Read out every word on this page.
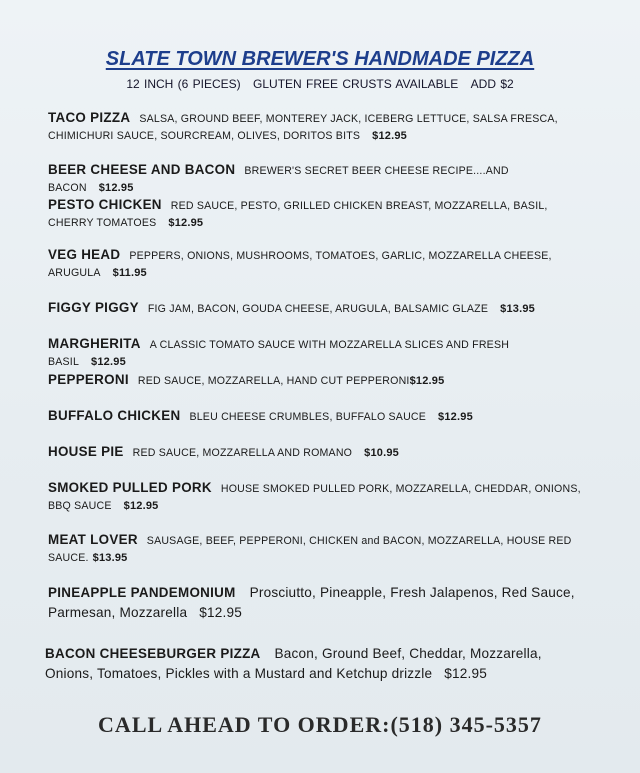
SLATE TOWN BREWER'S HANDMADE PIZZA
12 INCH (6 PIECES) GLUTEN FREE CRUSTS AVAILABLE ADD $2
TACO PIZZA SALSA, GROUND BEEF, MONTEREY JACK, ICEBERG LETTUCE, SALSA FRESCA, CHIMICHURI SAUCE, SOURCREAM, OLIVES, DORITOS BITS $12.95
BEER CHEESE AND BACON BREWER'S SECRET BEER CHEESE RECIPE....AND BACON $12.95
PESTO CHICKEN RED SAUCE, PESTO, GRILLED CHICKEN BREAST, MOZZARELLA, BASIL, CHERRY TOMATOES $12.95
VEG HEAD PEPPERS, ONIONS, MUSHROOMS, TOMATOES, GARLIC, MOZZARELLA CHEESE, ARUGULA $11.95
FIGGY PIGGY FIG JAM, BACON, GOUDA CHEESE, ARUGULA, BALSAMIC GLAZE $13.95
MARGHERITA A CLASSIC TOMATO SAUCE WITH MOZZARELLA SLICES AND FRESH BASIL $12.95
PEPPERONI RED SAUCE, MOZZARELLA, HAND CUT PEPPERONI$12.95
BUFFALO CHICKEN BLEU CHEESE CRUMBLES, BUFFALO SAUCE $12.95
HOUSE PIE RED SAUCE, MOZZARELLA AND ROMANO $10.95
SMOKED PULLED PORK HOUSE SMOKED PULLED PORK, MOZZARELLA, CHEDDAR, ONIONS, BBQ SAUCE $12.95
MEAT LOVER SAUSAGE, BEEF, PEPPERONI, CHICKEN and BACON, MOZZARELLA, HOUSE RED SAUCE. $13.95
PINEAPPLE PANDEMONIUM Prosciutto, Pineapple, Fresh Jalapenos, Red Sauce, Parmesan, Mozzarella $12.95
BACON CHEESEBURGER PIZZA Bacon, Ground Beef, Cheddar, Mozzarella, Onions, Tomatoes, Pickles with a Mustard and Ketchup drizzle $12.95
CALL AHEAD TO ORDER:(518) 345-5357
